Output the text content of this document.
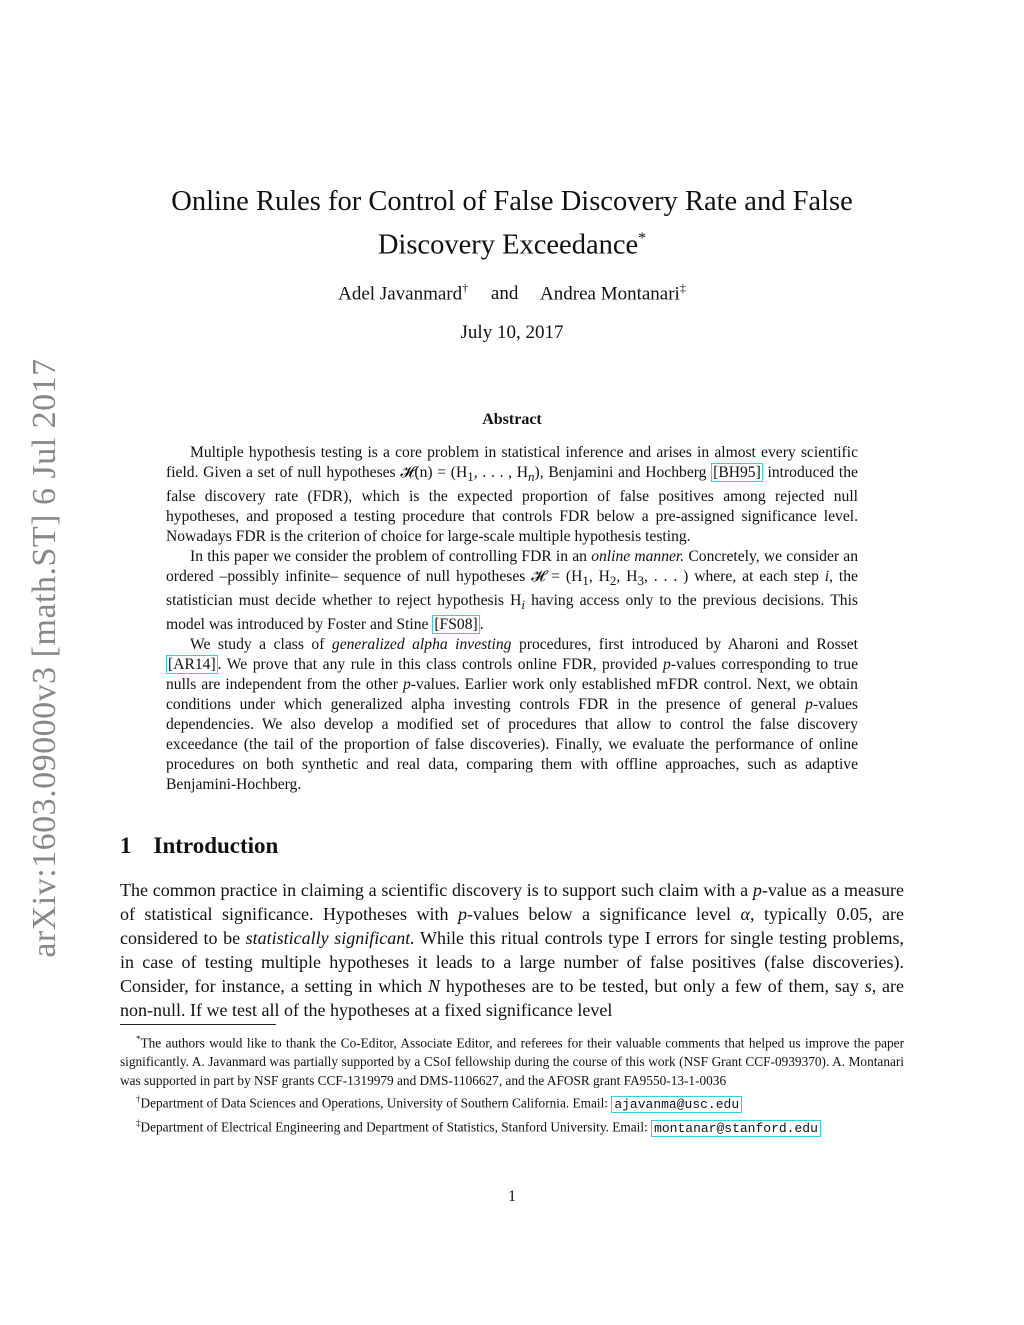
arXiv:1603.09000v3 [math.ST] 6 Jul 2017
Online Rules for Control of False Discovery Rate and False
Discovery Exceedance*
Adel Javanmard† and Andrea Montanari‡
July 10, 2017
Abstract

Multiple hypothesis testing is a core problem in statistical inference and arises in almost every scientific field. Given a set of null hypotheses 𝓗(n) = ($H_1$, . . . , $H_n$), Benjamini and Hochberg [BH95] introduced the false discovery rate (FDR), which is the expected proportion of false positives among rejected null hypotheses, and proposed a testing procedure that controls FDR below a pre-assigned significance level. Nowadays FDR is the criterion of choice for large-scale multiple hypothesis testing.

In this paper we consider the problem of controlling FDR in an online manner. Concretely, we consider an ordered –possibly infinite– sequence of null hypotheses 𝓗 = ($H_1$, $H_2$, $H_3$, . . . ) where, at each step i, the statistician must decide whether to reject hypothesis $H_i$ having access only to the previous decisions. This model was introduced by Foster and Stine [FS08] .

We study a class of generalized alpha investing procedures, first introduced by Aharoni and Rosset [AR14] . We prove that any rule in this class controls online FDR, provided p-values corresponding to true nulls are independent from the other p-values. Earlier work only established mFDR control. Next, we obtain conditions under which generalized alpha investing controls FDR in the presence of general p-values dependencies. We also develop a modified set of procedures that allow to control the false discovery exceedance (the tail of the proportion of false discoveries). Finally, we evaluate the performance of online procedures on both synthetic and real data, comparing them with offline approaches, such as adaptive Benjamini-Hochberg.

1 Introduction

The common practice in claiming a scientific discovery is to support such claim with a p-value as a measure of statistical significance. Hypotheses with p-values below a significance level α, typically 0.05, are considered to be statistically significant. While this ritual controls type I errors for single testing problems, in case of testing multiple hypotheses it leads to a large number of false positives (false discoveries). Consider, for instance, a setting in which N hypotheses are to be tested, but only a few of them, say s, are non-null. If we test all of the hypotheses at a fixed significance level

*The authors would like to thank the Co-Editor, Associate Editor, and referees for their valuable comments that helped us improve the paper significantly. A. Javanmard was partially supported by a CSoI fellowship during the course of this work (NSF Grant CCF-0939370). A. Montanari was supported in part by NSF grants CCF-1319979 and DMS-1106627, and the AFOSR grant FA9550-13-1-0036

†Department of Data Sciences and Operations, University of Southern California. Email: ajavanma@usc.edu

‡Department of Electrical Engineering and Department of Statistics, Stanford University. Email: montanar@stanford.edu

1
